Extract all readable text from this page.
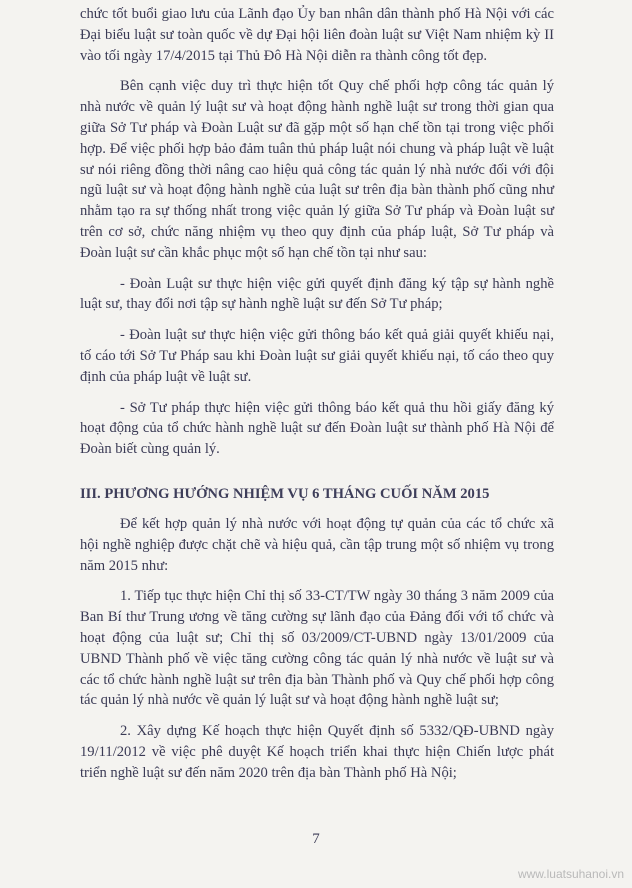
chức tốt buổi giao lưu của Lãnh đạo Ủy ban nhân dân thành phố Hà Nội với các Đại biểu luật sư toàn quốc về dự Đại hội liên đoàn luật sư Việt Nam nhiệm kỳ II vào tối ngày 17/4/2015 tại Thủ Đô Hà Nội diễn ra thành công tốt đẹp.

Bên cạnh việc duy trì thực hiện tốt Quy chế phối hợp công tác quản lý nhà nước về quản lý luật sư và hoạt động hành nghề luật sư trong thời gian qua giữa Sở Tư pháp và Đoàn Luật sư đã gặp một số hạn chế tồn tại trong việc phối hợp. Để việc phối hợp bảo đảm tuân thủ pháp luật nói chung và pháp luật về luật sư nói riêng đồng thời nâng cao hiệu quả công tác quản lý nhà nước đối với đội ngũ luật sư và hoạt động hành nghề của luật sư trên địa bàn thành phố cũng như nhằm tạo ra sự thống nhất trong việc quản lý giữa Sở Tư pháp và Đoàn luật sư trên cơ sở, chức năng nhiệm vụ theo quy định của pháp luật, Sở Tư pháp và Đoàn luật sư cần khắc phục một số hạn chế tồn tại như sau:

- Đoàn Luật sư thực hiện việc gửi quyết định đăng ký tập sự hành nghề luật sư, thay đổi nơi tập sự hành nghề luật sư đến Sở Tư pháp;

- Đoàn luật sư thực hiện việc gửi thông báo kết quả giải quyết khiếu nại, tố cáo tới Sở Tư Pháp sau khi Đoàn luật sư giải quyết khiếu nại, tố cáo theo quy định của pháp luật về luật sư.

- Sở Tư pháp thực hiện việc gửi thông báo kết quả thu hồi giấy đăng ký hoạt động của tổ chức hành nghề luật sư đến Đoàn luật sư thành phố Hà Nội để Đoàn biết cùng quản lý.

III. PHƯƠNG HƯỚNG NHIỆM VỤ 6 THÁNG CUỐI NĂM 2015

Để kết hợp quản lý nhà nước với hoạt động tự quản của các tổ chức xã hội nghề nghiệp được chặt chẽ và hiệu quả, cần tập trung một số nhiệm vụ trong năm 2015 như:

1. Tiếp tục thực hiện Chỉ thị số 33-CT/TW ngày 30 tháng 3 năm 2009 của Ban Bí thư Trung ương về tăng cường sự lãnh đạo của Đảng đối với tổ chức và hoạt động của luật sư; Chỉ thị số 03/2009/CT-UBND ngày 13/01/2009 của UBND Thành phố về việc tăng cường công tác quản lý nhà nước về luật sư và các tổ chức hành nghề luật sư trên địa bàn Thành phố và Quy chế phối hợp công tác quản lý nhà nước về quản lý luật sư và hoạt động hành nghề luật sư;

2. Xây dựng Kế hoạch thực hiện Quyết định số 5332/QĐ-UBND ngày 19/11/2012 về việc phê duyệt Kế hoạch triển khai thực hiện Chiến lược phát triển nghề luật sư đến năm 2020 trên địa bàn Thành phố Hà Nội;

7
www.luatsuhanoi.vn
